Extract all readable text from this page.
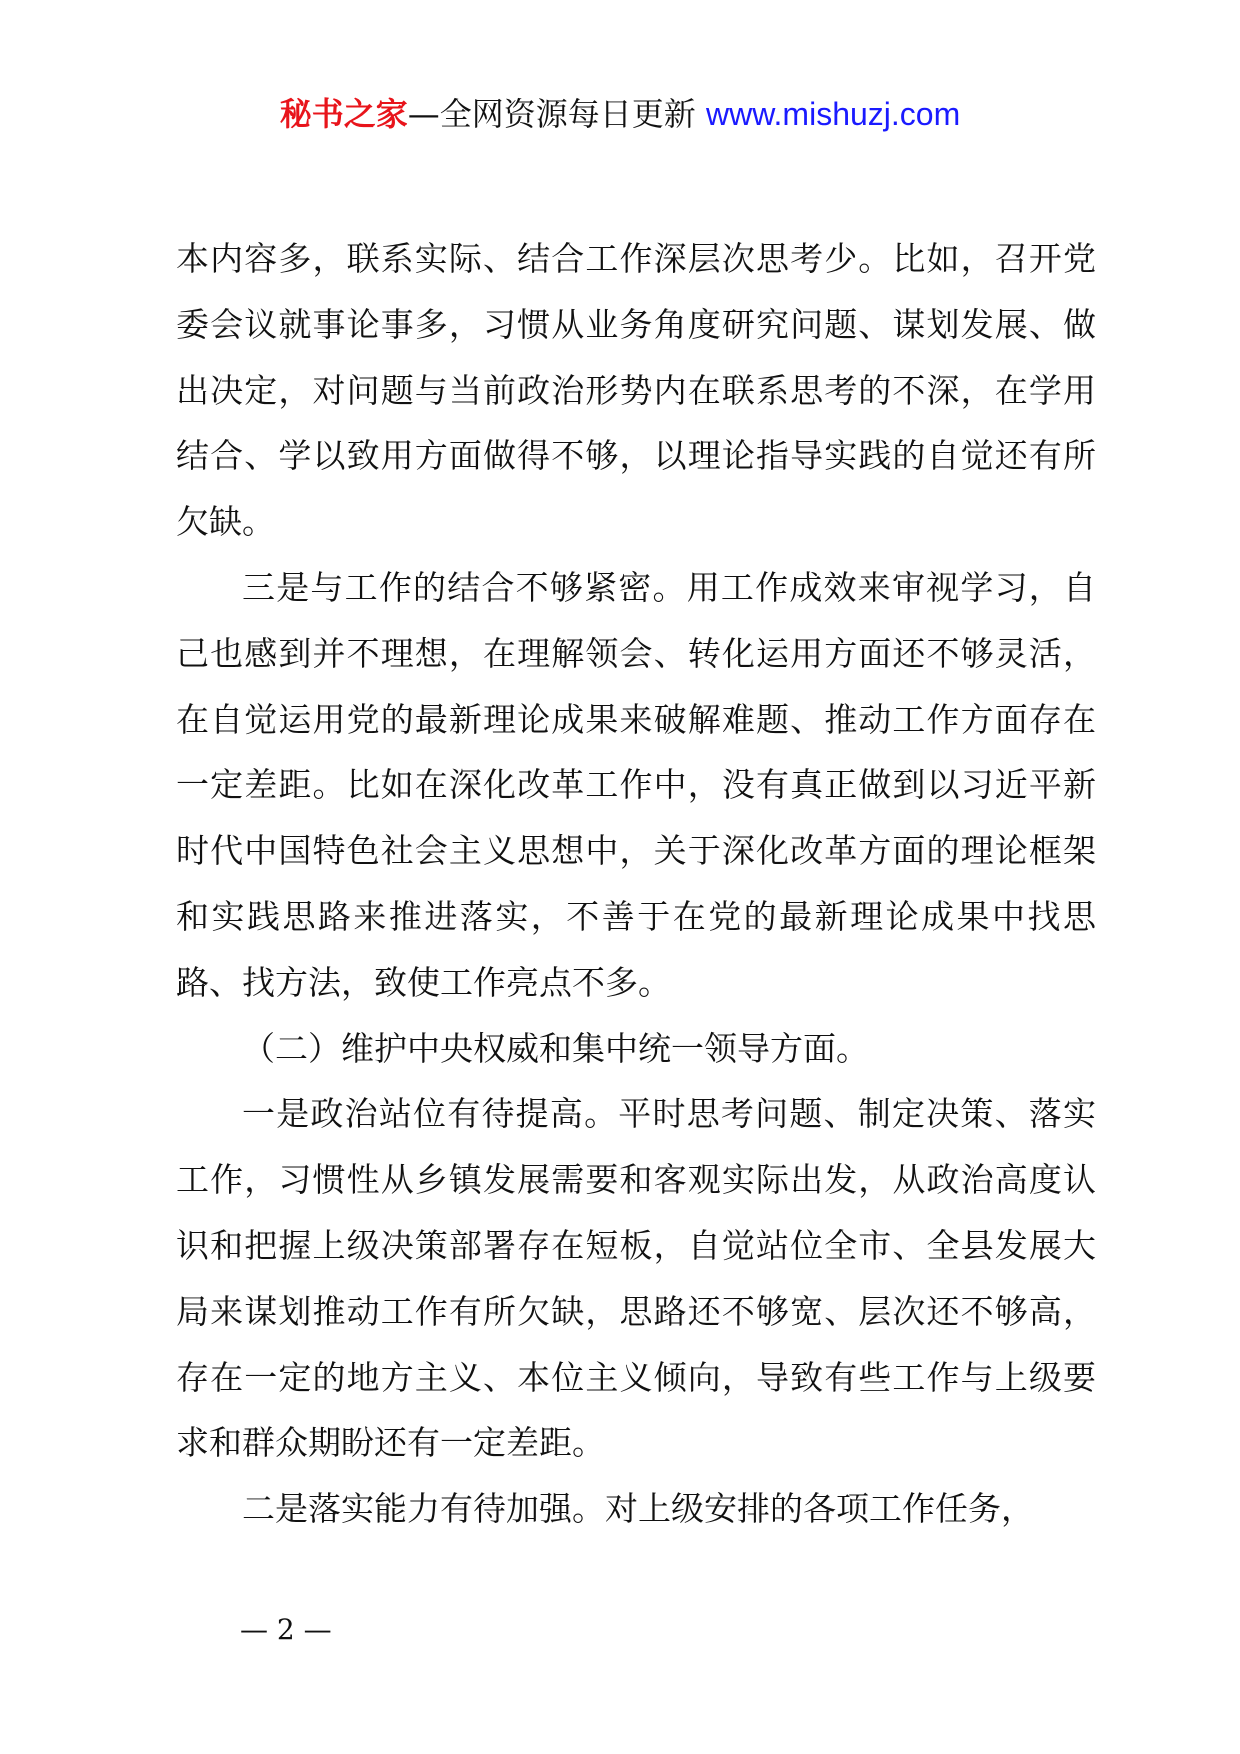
秘书之家—全网资源每日更新 www.mishuzj.com

本内容多，联系实际、结合工作深层次思考少。比如，召开党委会议就事论事多，习惯从业务角度研究问题、谋划发展、做出决定，对问题与当前政治形势内在联系思考的不深，在学用结合、学以致用方面做得不够，以理论指导实践的自觉还有所欠缺。

三是与工作的结合不够紧密。用工作成效来审视学习，自己也感到并不理想，在理解领会、转化运用方面还不够灵活，在自觉运用党的最新理论成果来破解难题、推动工作方面存在一定差距。比如在深化改革工作中，没有真正做到以习近平新时代中国特色社会主义思想中，关于深化改革方面的理论框架和实践思路来推进落实，不善于在党的最新理论成果中找思路、找方法，致使工作亮点不多。

（二）维护中央权威和集中统一领导方面。

一是政治站位有待提高。平时思考问题、制定决策、落实工作，习惯性从乡镇发展需要和客观实际出发，从政治高度认识和把握上级决策部署存在短板，自觉站位全市、全县发展大局来谋划推动工作有所欠缺，思路还不够宽、层次还不够高，存在一定的地方主义、本位主义倾向，导致有些工作与上级要求和群众期盼还有一定差距。

二是落实能力有待加强。对上级安排的各项工作任务，

— 2 —
